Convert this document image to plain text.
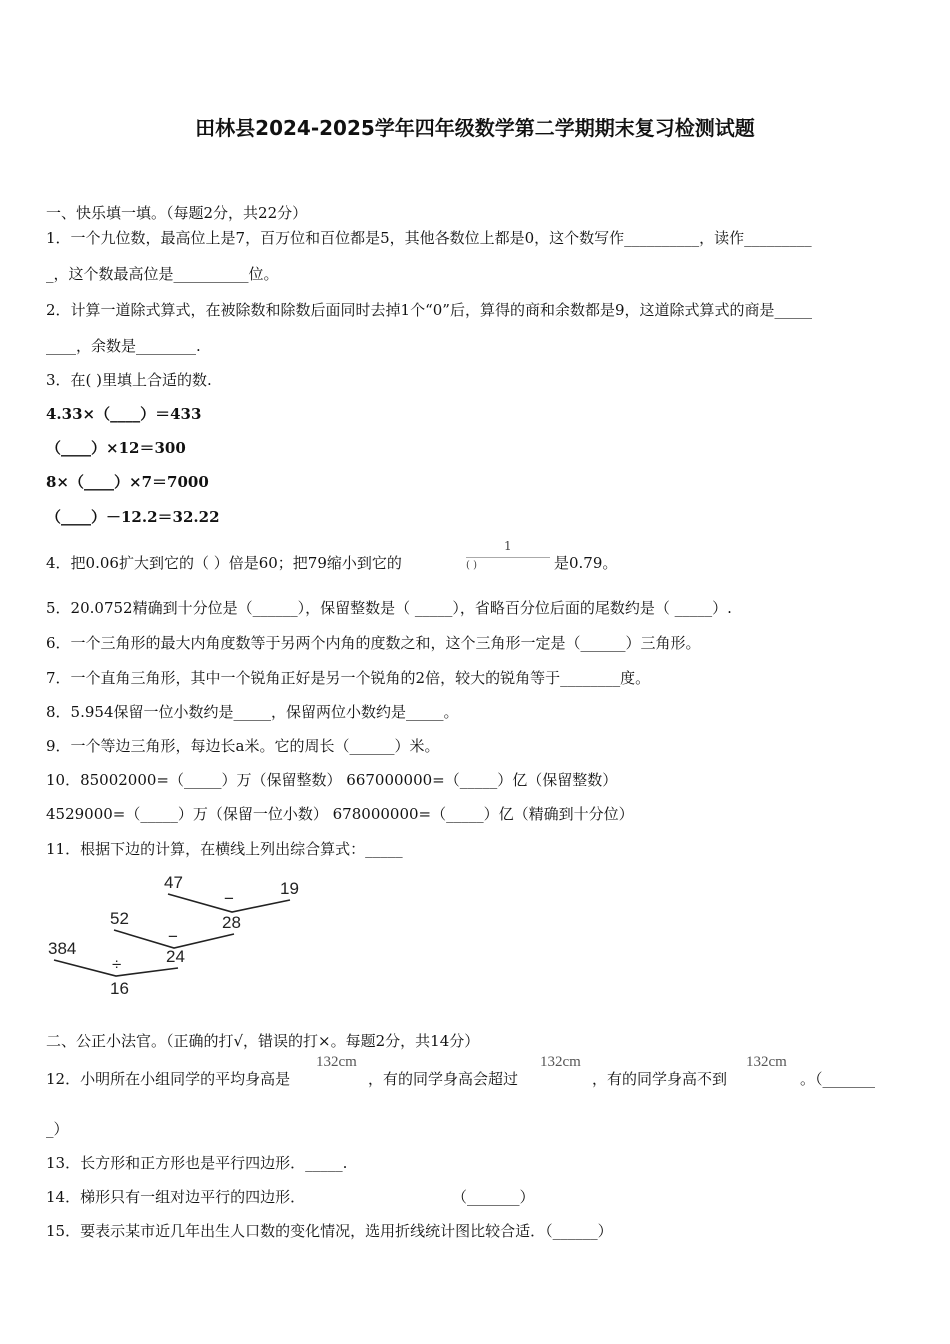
田林县2024-2025学年四年级数学第二学期期末复习检测试题
一、快乐填一填。（每题2分，共22分）
1．一个九位数，最高位上是7，百万位和百位都是5，其他各数位上都是0，这个数写作__________，读作_________
_，这个数最高位是__________位。
2．计算一道除式算式，在被除数和除数后面同时去掉1个“0”后，算得的商和余数都是9，这道除式算式的商是_____
____，余数是________.
3．在( )里填上合适的数.
4.33×（____）＝433
（____）×12＝300
8×（____）×7＝7000
（____）－12.2＝32.22
4．把0.06扩大到它的（ ）倍是60；把79缩小到它的
1
( )	是0.79。
5．20.0752精确到十分位是（______），保留整数是（ _____），省略百分位后面的尾数约是（ _____）.
6．一个三角形的最大内角度数等于另两个内角的度数之和，这个三角形一定是（______）三角形。
7．一个直角三角形，其中一个锐角正好是另一个锐角的2倍，较大的锐角等于________度。
8．5.954保留一位小数约是_____，保留两位小数约是_____。
9．一个等边三角形，每边长a米。它的周长（______）米。
10．85002000=（_____）万（保留整数） 667000000=（_____）亿（保留整数）
4529000=（_____）万（保留一位小数） 678000000=（_____）亿（精确到十分位）
11．根据下边的计算，在横线上列出综合算式：_____
47	19
−
28
52
−
24
384
÷
16
二、公正小法官。（正确的打√，错误的打×。每题2分，共14分）
12．小明所在小组同学的平均身高是
132cm
，有的同学身高会超过
132cm
，有的同学身高不到
132cm
。（_______
_）
13．长方形和正方形也是平行四边形．_____.
14．梯形只有一组对边平行的四边形．	（_______）
15．要表示某市近几年出生人口数的变化情况，选用折线统计图比较合适．（______）
